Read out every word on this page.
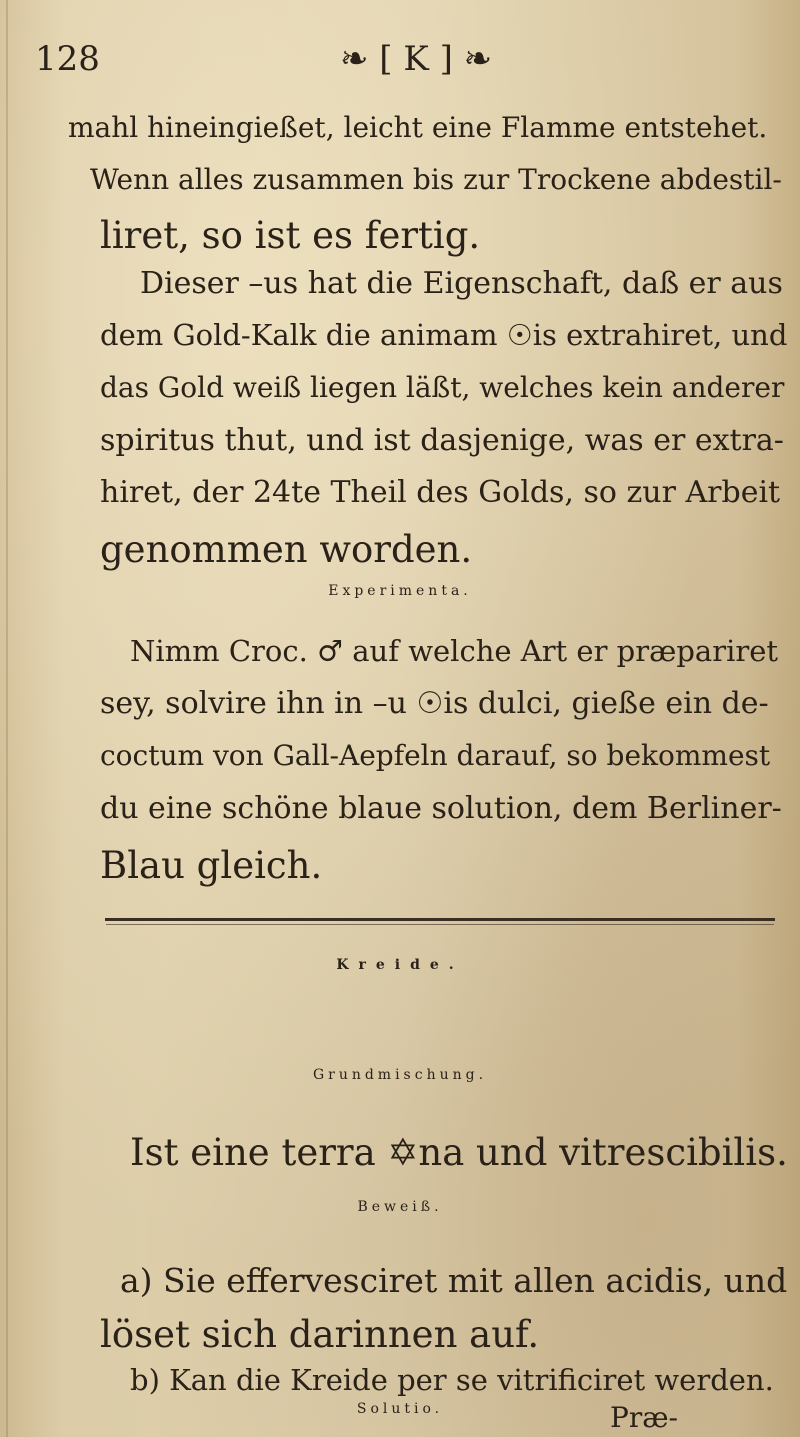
128	❧ [ K ] ❧
mahl hineingießet, leicht eine Flamme entstehet.
Wenn alles zusammen bis zur Trockene abdestil-
liret, so ist es fertig.
Dieser –us hat die Eigenschaft, daß er aus
dem Gold-Kalk die animam ☉is extrahiret, und
das Gold weiß liegen läßt, welches kein anderer
spiritus thut, und ist dasjenige, was er extra-
hiret, der 24te Theil des Golds, so zur Arbeit
genommen worden.
Experimenta.
Nimm Croc. ♂ auf welche Art er præpariret
sey, solvire ihn in –u ☉is dulci, gieße ein de-
coctum von Gall-Aepfeln darauf, so bekommest
du eine schöne blaue solution, dem Berliner-
Blau gleich.
Kreide.
Grundmischung.
Ist eine terra ✡na und vitrescibilis.
Beweiß.
a) Sie effervesciret mit allen acidis, und
löset sich darinnen auf.
b) Kan die Kreide per se vitrificiret werden.
Solutio.	Præ-
